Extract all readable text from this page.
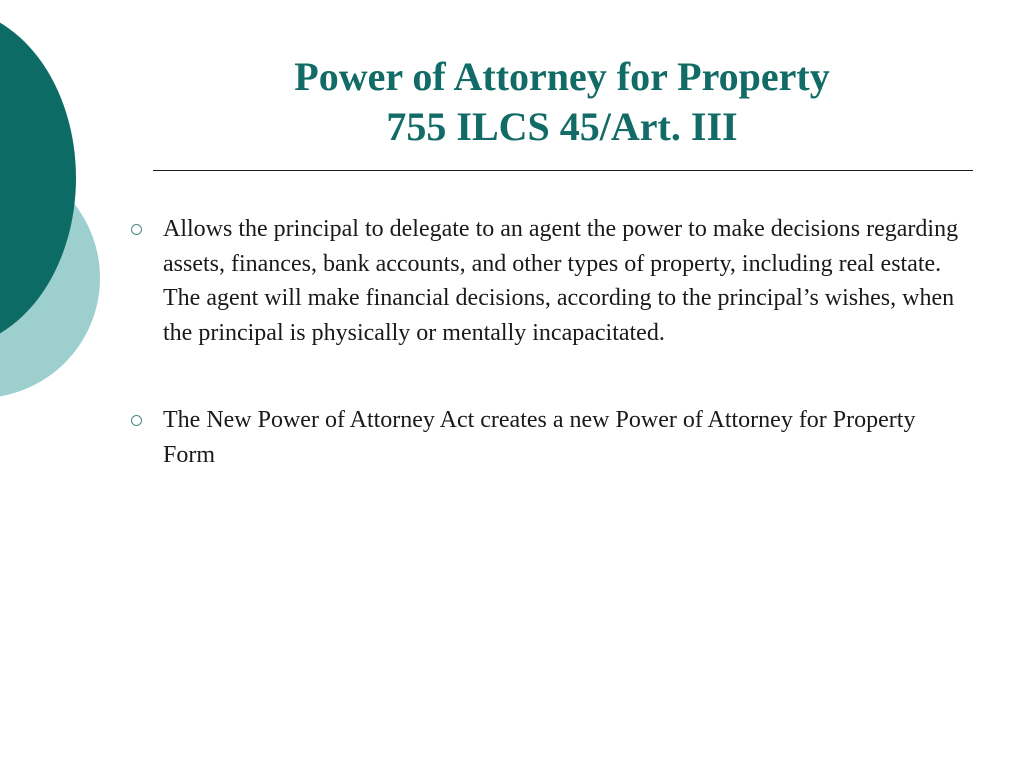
Power of Attorney for Property
755 ILCS 45/Art. III
Allows the principal to delegate to an agent the power to make decisions regarding assets, finances, bank accounts, and other types of property, including real estate. The agent will make financial decisions, according to the principal’s wishes, when the principal is physically or mentally incapacitated.
The New Power of Attorney Act creates a new Power of Attorney for Property Form
